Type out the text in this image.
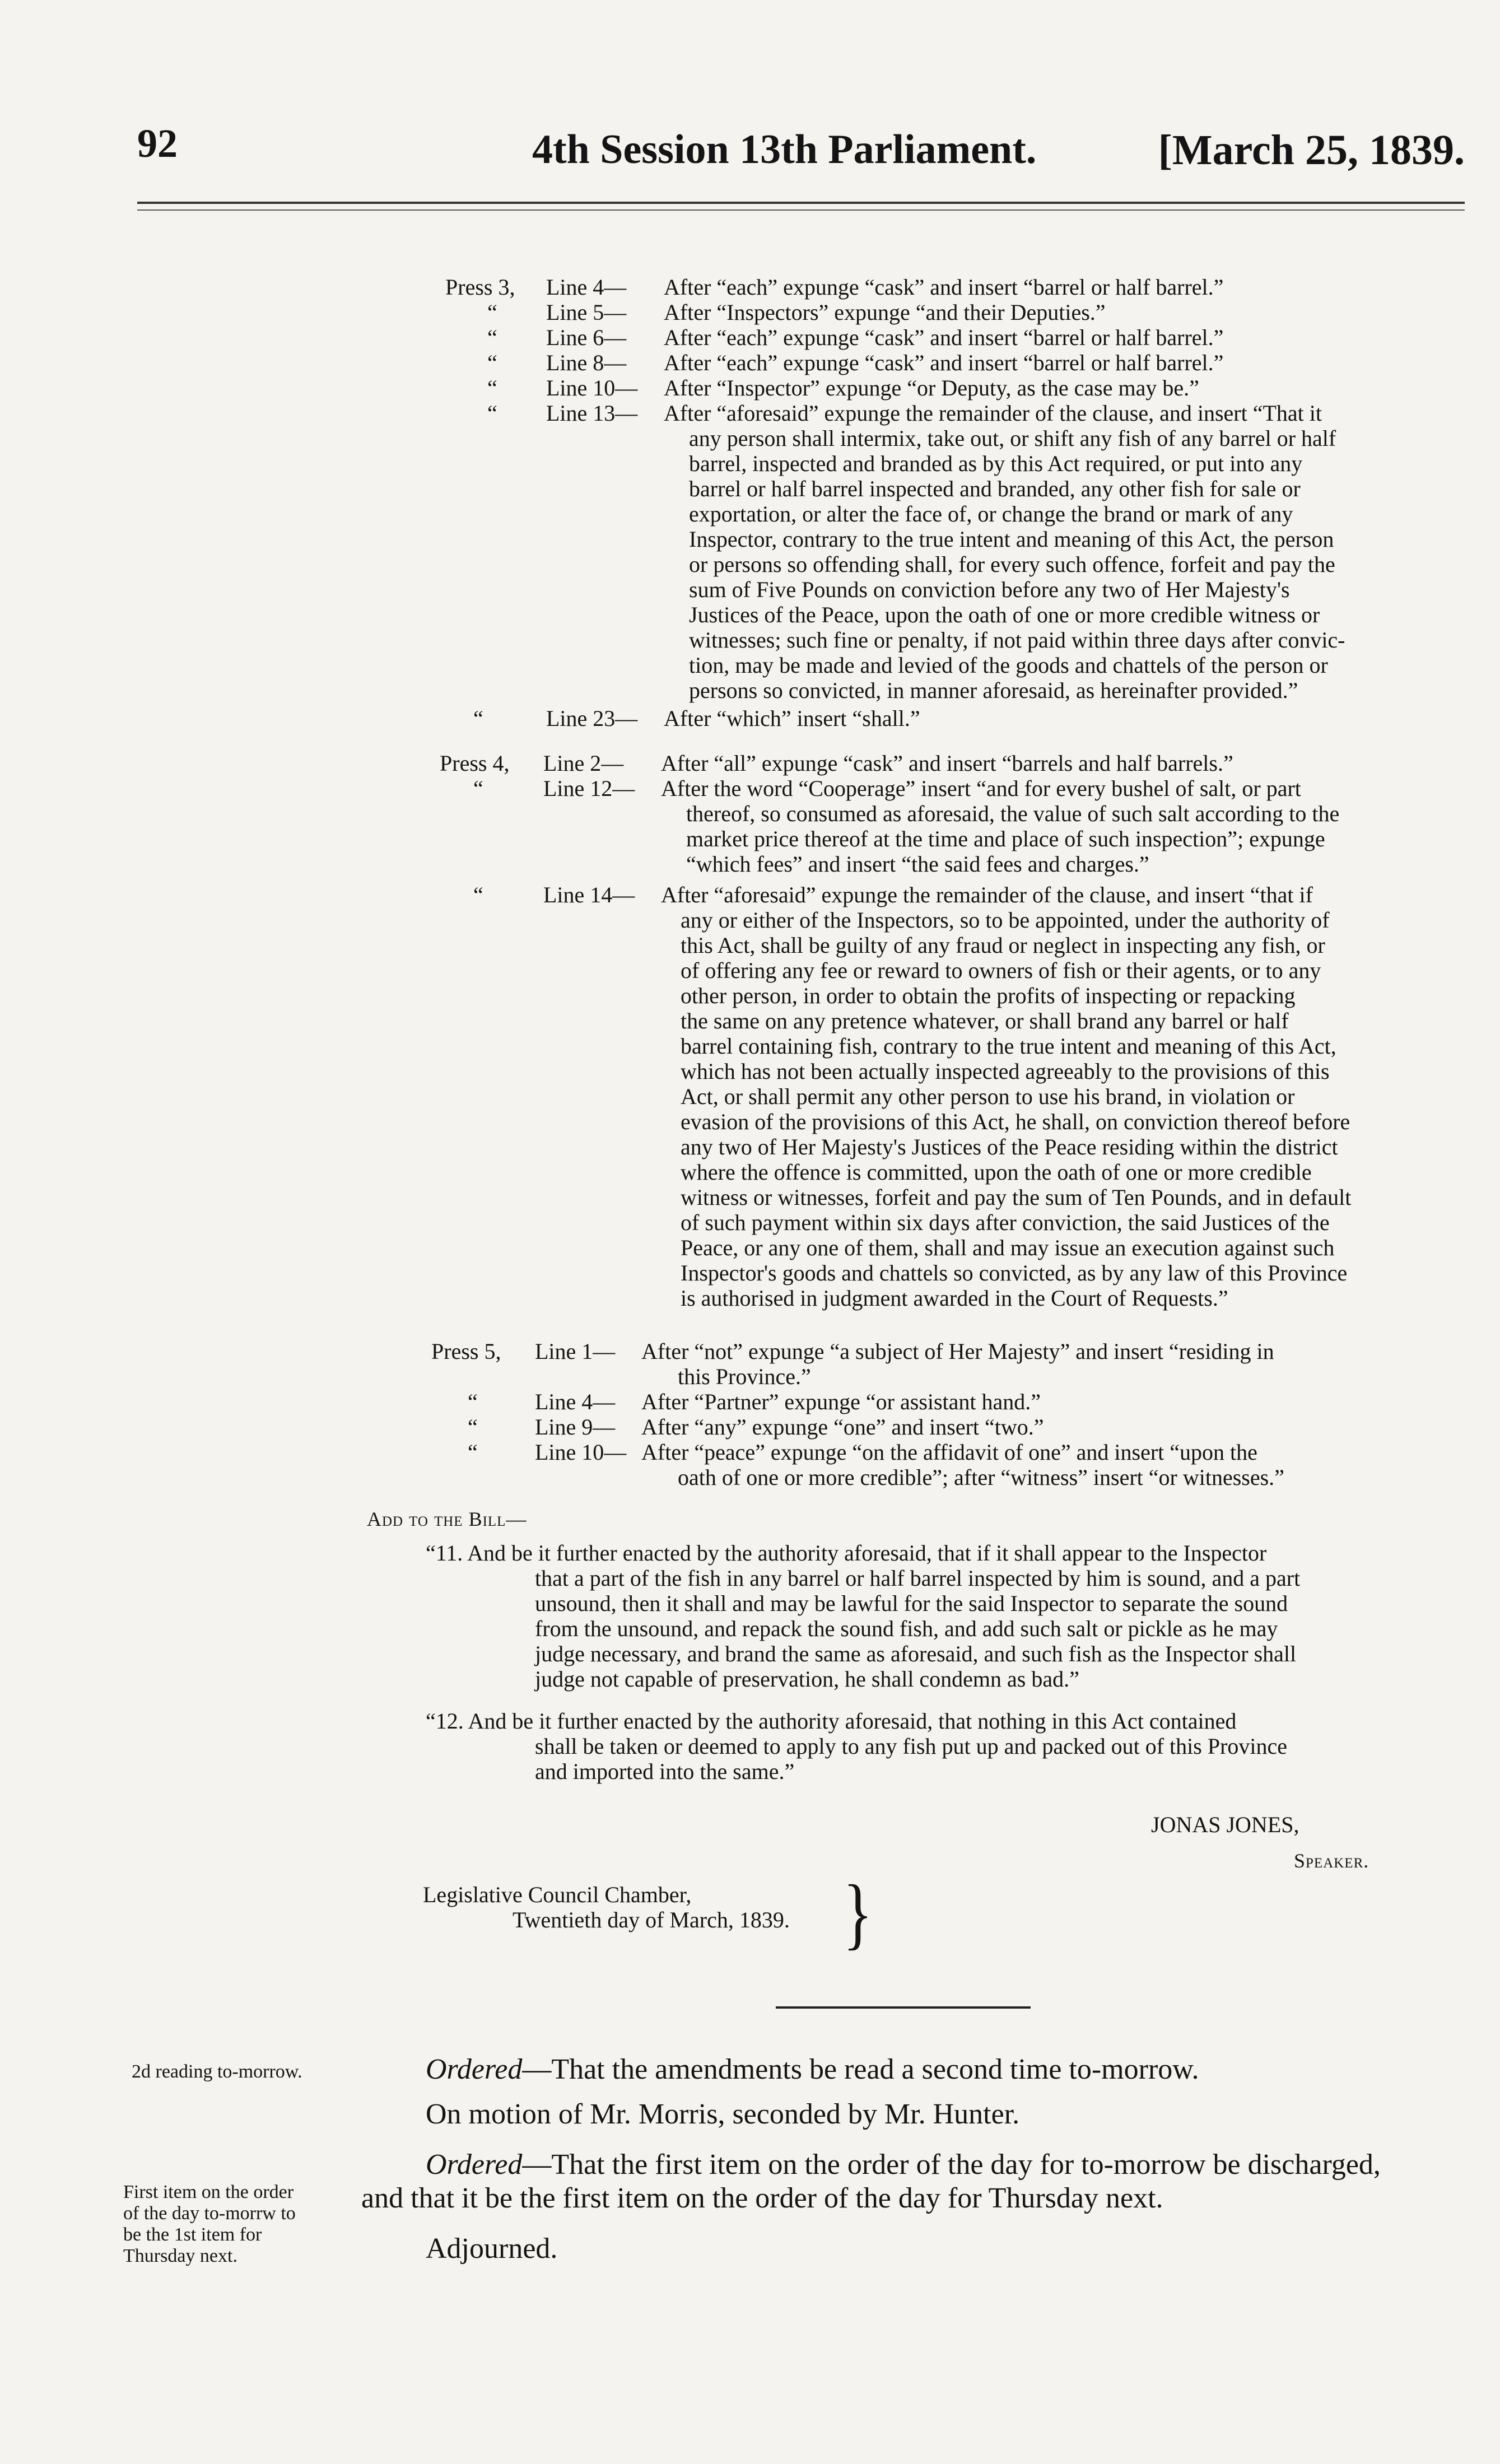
92	4th Session 13th Parliament.	[March 25, 1839.
Press 3, Line 4— After “each” expunge “cask” and insert “barrel or half barrel.”
“ Line 5— After “Inspectors” expunge “and their Deputies.”
“ Line 6— After “each” expunge “cask” and insert “barrel or half barrel.”
“ Line 8— After “each” expunge “cask” and insert “barrel or half barrel.”
“ Line 10— After “Inspector” expunge “or Deputy, as the case may be.”
“ Line 13— After “aforesaid” expunge the remainder of the clause, and insert “That it
any person shall intermix, take out, or shift any fish of any barrel or half
barrel, inspected and branded as by this Act required, or put into any
barrel or half barrel inspected and branded, any other fish for sale or
exportation, or alter the face of, or change the brand or mark of any
Inspector, contrary to the true intent and meaning of this Act, the person
or persons so offending shall, for every such offence, forfeit and pay the
sum of Five Pounds on conviction before any two of Her Majesty's
Justices of the Peace, upon the oath of one or more credible witness or
witnesses; such fine or penalty, if not paid within three days after convic-
tion, may be made and levied of the goods and chattels of the person or
persons so convicted, in manner aforesaid, as hereinafter provided.”
“	Line 23— After “which” insert “shall.”
Press 4, Line 2— After “all” expunge “cask” and insert “barrels and half barrels.”
“	Line 12— After the word “Cooperage” insert “and for every bushel of salt, or part
thereof, so consumed as aforesaid, the value of such salt according to the
market price thereof at the time and place of such inspection”; expunge
“which fees” and insert “the said fees and charges.”
“	Line 14— After “aforesaid” expunge the remainder of the clause, and insert “that if
any or either of the Inspectors, so to be appointed, under the authority of
this Act, shall be guilty of any fraud or neglect in inspecting any fish, or
of offering any fee or reward to owners of fish or their agents, or to any
other person, in order to obtain the profits of inspecting or repacking
the same on any pretence whatever, or shall brand any barrel or half
barrel containing fish, contrary to the true intent and meaning of this Act,
which has not been actually inspected agreeably to the provisions of this
Act, or shall permit any other person to use his brand, in violation or
evasion of the provisions of this Act, he shall, on conviction thereof before
any two of Her Majesty's Justices of the Peace residing within the district
where the offence is committed, upon the oath of one or more credible
witness or witnesses, forfeit and pay the sum of Ten Pounds, and in default
of such payment within six days after conviction, the said Justices of the
Peace, or any one of them, shall and may issue an execution against such
Inspector's goods and chattels so convicted, as by any law of this Province
is authorised in judgment awarded in the Court of Requests.”
Press 5, Line 1— After “not” expunge “a subject of Her Majesty” and insert “residing in
this Province.”
“	Line 4— After “Partner” expunge “or assistant hand.”
“	Line 9— After “any” expunge “one” and insert “two.”
“	Line 10— After “peace” expunge “on the affidavit of one” and insert “upon the
oath of one or more credible”; after “witness” insert “or witnesses.”
Add to the Bill—
“11. And be it further enacted by the authority aforesaid, that if it shall appear to the Inspector
that a part of the fish in any barrel or half barrel inspected by him is sound, and a part
unsound, then it shall and may be lawful for the said Inspector to separate the sound
from the unsound, and repack the sound fish, and add such salt or pickle as he may
judge necessary, and brand the same as aforesaid, and such fish as the Inspector shall
judge not capable of preservation, he shall condemn as bad.”
“12. And be it further enacted by the authority aforesaid, that nothing in this Act contained
shall be taken or deemed to apply to any fish put up and packed out of this Province
and imported into the same.”
JONAS JONES,
Speaker.
Legislative Council Chamber,
Twentieth day of March, 1839. }
2d reading to-morrow.
First item on the order
of the day to-morrw to
be the 1st item for
Thursday next.
Ordered—That the amendments be read a second time to-morrow.
On motion of Mr. Morris, seconded by Mr. Hunter.
Ordered—That the first item on the order of the day for to-morrow be discharged,
and that it be the first item on the order of the day for Thursday next.
Adjourned.
